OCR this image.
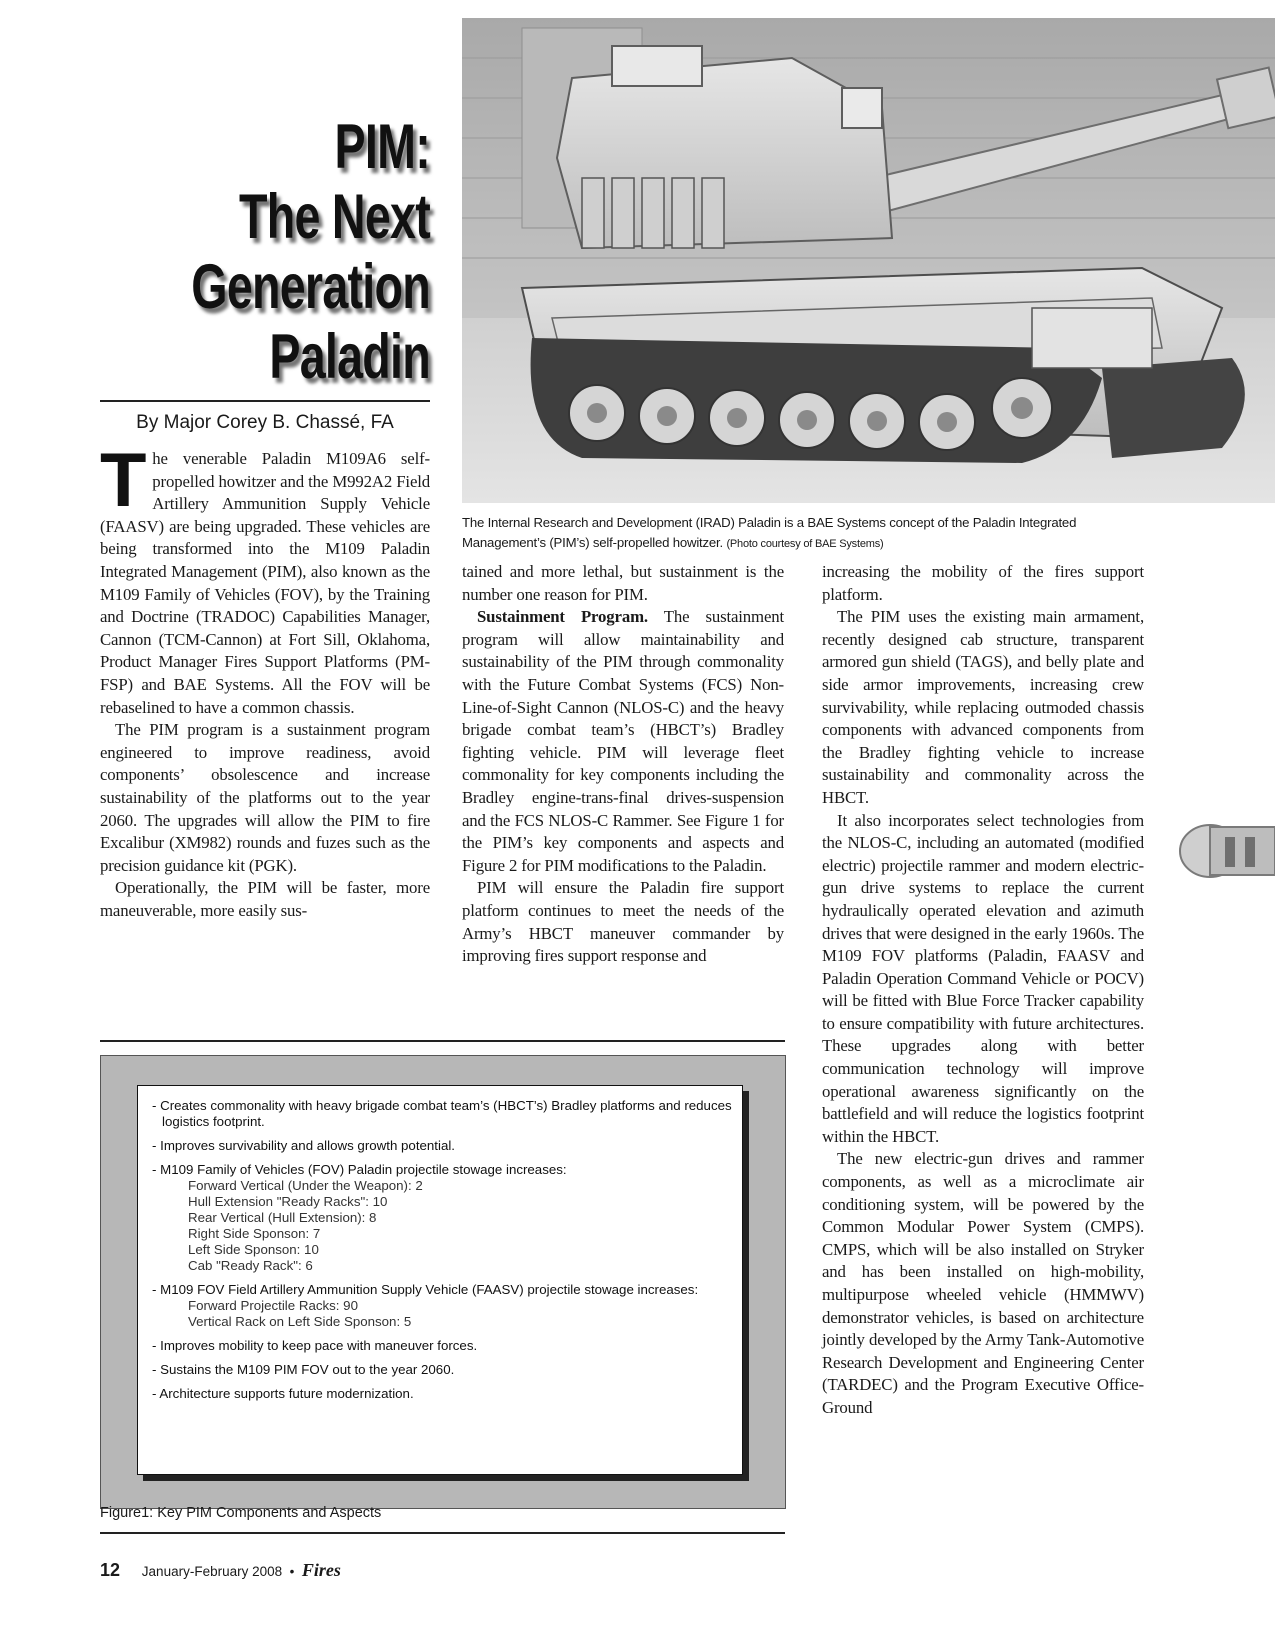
PIM:
The Next
Generation
Paladin
By Major Corey B. Chassé, FA
The Internal Research and Development (IRAD) Paladin is a BAE Systems concept of the Paladin Integrated Management’s (PIM’s) self-propelled howitzer. (Photo courtesy of BAE Systems)

The venerable Paladin M109A6 self-propelled howitzer and the M992A2 Field Artillery Ammunition Supply Vehicle (FAASV) are being upgraded. These vehicles are being transformed into the M109 Paladin Integrated Management (PIM), also known as the M109 Family of Vehicles (FOV), by the Training and Doctrine (TRADOC) Capabilities Manager, Cannon (TCM-Cannon) at Fort Sill, Oklahoma, Product Manager Fires Support Platforms (PM-FSP) and BAE Systems. All the FOV will be rebaselined to have a common chassis.

The PIM program is a sustainment program engineered to improve readiness, avoid components’ obsolescence and increase sustainability of the platforms out to the year 2060. The upgrades will allow the PIM to fire Excalibur (XM982) rounds and fuzes such as the precision guidance kit (PGK).

Operationally, the PIM will be faster, more maneuverable, more easily sus-

tained and more lethal, but sustainment is the number one reason for PIM.

Sustainment Program. The sustainment program will allow maintainability and sustainability of the PIM through commonality with the Future Combat Systems (FCS) Non-Line-of-Sight Cannon (NLOS-C) and the heavy brigade combat team’s (HBCT’s) Bradley fighting vehicle. PIM will leverage fleet commonality for key components including the Bradley engine-trans-final drives-suspension and the FCS NLOS-C Rammer. See Figure 1 for the PIM’s key components and aspects and Figure 2 for PIM modifications to the Paladin.

PIM will ensure the Paladin fire support platform continues to meet the needs of the Army’s HBCT maneuver commander by improving fires support response and

increasing the mobility of the fires support platform.

The PIM uses the existing main armament, recently designed cab structure, transparent armored gun shield (TAGS), and belly plate and side armor improvements, increasing crew survivability, while replacing outmoded chassis components with advanced components from the Bradley fighting vehicle to increase sustainability and commonality across the HBCT.

It also incorporates select technologies from the NLOS-C, including an automated (modified electric) projectile rammer and modern electric-gun drive systems to replace the current hydraulically operated elevation and azimuth drives that were designed in the early 1960s. The M109 FOV platforms (Paladin, FAASV and Paladin Operation Command Vehicle or POCV) will be fitted with Blue Force Tracker capability to ensure compatibility with future architectures. These upgrades along with better communication technology will improve operational awareness significantly on the battlefield and will reduce the logistics footprint within the HBCT.

The new electric-gun drives and rammer components, as well as a microclimate air conditioning system, will be powered by the Common Modular Power System (CMPS). CMPS, which will be also installed on Stryker and has been installed on high-mobility, multipurpose wheeled vehicle (HMMWV) demonstrator vehicles, is based on architecture jointly developed by the Army Tank-Automotive Research Development and Engineering Center (TARDEC) and the Program Executive Office-Ground

- Creates commonality with heavy brigade combat team’s (HBCT’s) Bradley platforms and reduces logistics footprint.
- Improves survivability and allows growth potential.
- M109 Family of Vehicles (FOV) Paladin projectile stowage increases:
Forward Vertical (Under the Weapon): 2
Hull Extension "Ready Racks": 10
Rear Vertical (Hull Extension): 8
Right Side Sponson: 7
Left Side Sponson: 10
Cab "Ready Rack": 6
- M109 FOV Field Artillery Ammunition Supply Vehicle (FAASV) projectile stowage increases:
Forward Projectile Racks: 90
Vertical Rack on Left Side Sponson: 5
- Improves mobility to keep pace with maneuver forces.
- Sustains the M109 PIM FOV out to the year 2060.
- Architecture supports future modernization.
Figure1: Key PIM Components and Aspects
12 January-February 2008 • Fires
